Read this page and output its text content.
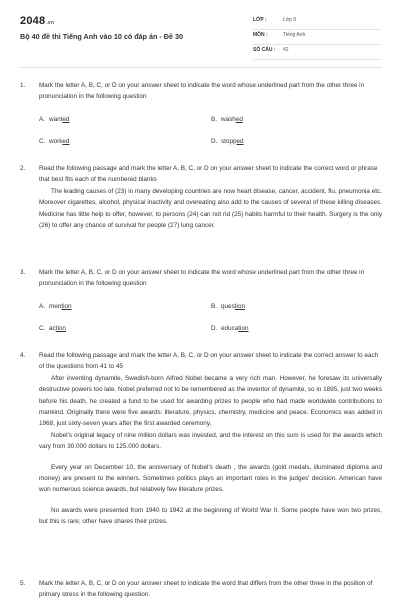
2048.vn
Bộ 40 đề thi Tiếng Anh vào 10 có đáp án - Đề 30
LỚP :	Lớp 9
MÔN :	Tiếng Anh
SỐ CÂU : 42
1. Mark the letter A, B, C, or D on your answer sheet to indicate the word whose underlined part from the other three in pronunciation in the following question
A. wanted	B. washed
C. worked	D. stopped
2. Read the following passage and mark the letter A, B, C, or D on your answer sheet to indicate the correct word or phrase that best fits each of the numbered blanks

The leading causes of (23) in many developing countries are now heart disease, cancer, accident, flu, pneumonia etc. Moreover cigarettes, alcohol, physical inactivity and overeating also add to the causes of several of these killing diseases. Medicine has little help to offer, however, to persons (24) can not rid (25) habits harmful to their health. Surgery is the only (26) to offer any chance of survival for people (27) lung cancer.

3. Mark the letter A, B, C, or D on your answer sheet to indicate the word whose underlined part from the other three in pronunciation in the following question
A. mention	B. question
C. action	D. education
4. Read the following passage and mark the letter A, B, C, or D on your answer sheet to indicate the correct answer to each of the questions from 41 to 45

After inventing dynamite, Swedish-born Alfred Nobel became a very rich man. However, he foresaw its universally destructive powers too late. Nobel preferred not to be remembered as the inventor of dynamite, so in 1895, just two weeks before his death, he created a fund to be used for awarding prizes to people who had made worldwide contributions to mankind. Originally there were five awards: literature, physics, chemistry, medicine and peace. Economics was added in 1968, just sixty-seven years after the first awarded ceremony.

Nobel's original legacy of nine million dollars was invested, and the interest on this sum is used for the awards which vary from 30.000 dollars to 125.000 dollars.

Every year on December 10, the anniversary of Nobel's death , the awards (gold medals, illuminated diploma and money) are present to the winners. Sometimes politics plays an important roles in the judges' decision. American have won numerous science awards, but relatively few literature prizes.

No awards were presented from 1940 to 1942 at the beginning of World War II. Some people have won two prizes, but this is rare; other have shares their prizes.

5. Mark the letter A, B, C, or D on your answer sheet to indicate the word that differs from the other three in the position of primary stress in the following question.
